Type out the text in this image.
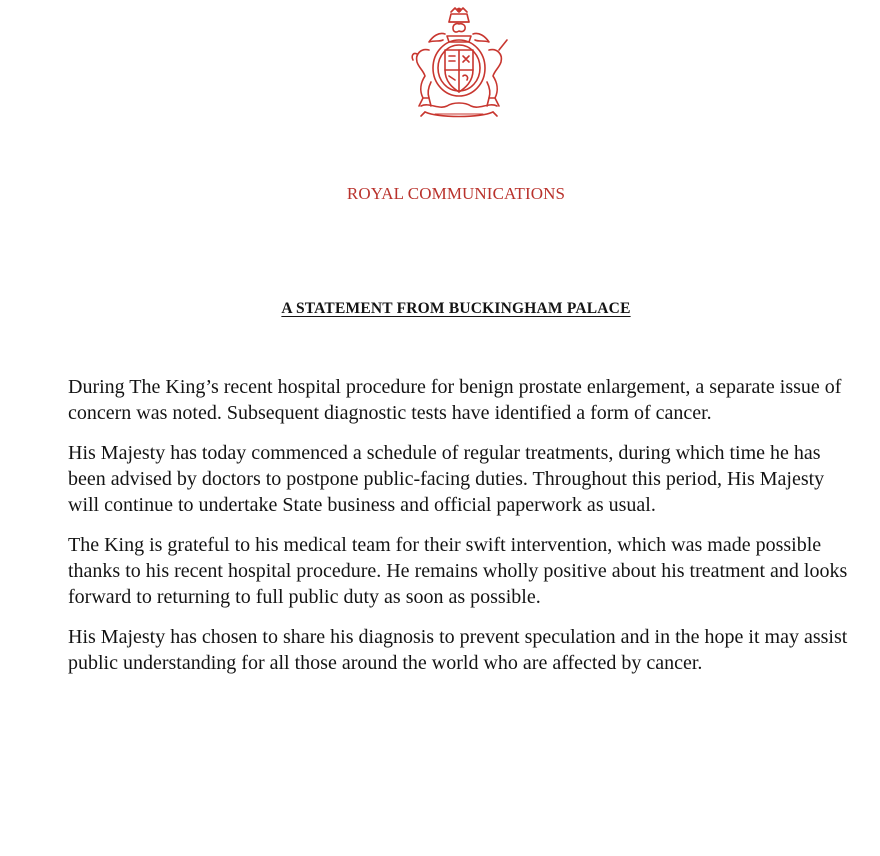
ROYAL COMMUNICATIONS
A STATEMENT FROM BUCKINGHAM PALACE

During The King’s recent hospital procedure for benign prostate enlargement, a separate issue of concern was noted. Subsequent diagnostic tests have identified a form of cancer.

His Majesty has today commenced a schedule of regular treatments, during which time he has been advised by doctors to postpone public-facing duties. Throughout this period, His Majesty will continue to undertake State business and official paperwork as usual.

The King is grateful to his medical team for their swift intervention, which was made possible thanks to his recent hospital procedure. He remains wholly positive about his treatment and looks forward to returning to full public duty as soon as possible.

His Majesty has chosen to share his diagnosis to prevent speculation and in the hope it may assist public understanding for all those around the world who are affected by cancer.
